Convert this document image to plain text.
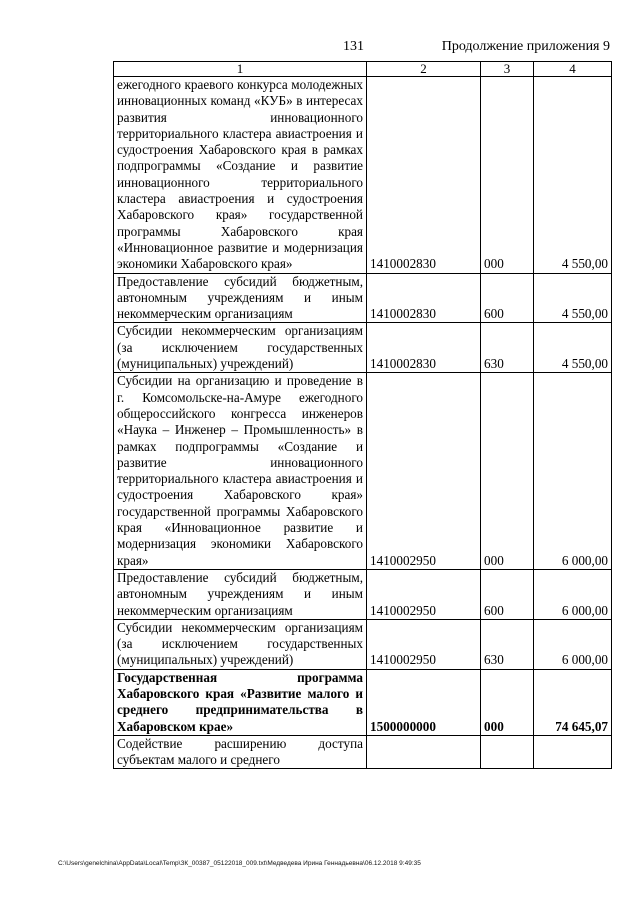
131	Продолжение приложения 9
1	2	3	4
ежегодного краевого конкурса молодежных инновационных команд «КУБ» в интересах развития инновационного территориального кластера авиастроения и судостроения Хабаровского края в рамках подпрограммы «Создание и развитие инновационного территориального кластера авиастроения и судостроения Хабаровского края» государственной программы Хабаровского края «Инновационное развитие и модернизация экономики Хабаровского края»	1410002830	000	4 550,00
Предоставление субсидий бюджетным, автономным учреждениям и иным некоммерческим организациям	1410002830	600	4 550,00
Субсидии некоммерческим организациям (за исключением государственных (муниципальных) учреждений)	1410002830	630	4 550,00
Субсидии на организацию и проведение в г. Комсомольске-на-Амуре ежегодного общероссийского конгресса инженеров «Наука – Инженер – Промышленность» в рамках подпрограммы «Создание и развитие инновационного территориального кластера авиастроения и судостроения Хабаровского края» государственной программы Хабаровского края «Инновационное развитие и модернизация экономики Хабаровского края»	1410002950	000	6 000,00
Предоставление субсидий бюджетным, автономным учреждениям и иным некоммерческим организациям	1410002950	600	6 000,00
Субсидии некоммерческим организациям (за исключением государственных (муниципальных) учреждений)	1410002950	630	6 000,00
Государственная программа Хабаровского края «Развитие малого и среднего предпринимательства в Хабаровском крае»	1500000000	000	74 645,07
Содействие расширению доступа субъектам малого и среднего			
C:\Users\genelchina\AppData\Local\Temp\ЗК_00387_05122018_009.txt\Медведева Ирина Геннадьевна\06.12.2018 9:49:35
